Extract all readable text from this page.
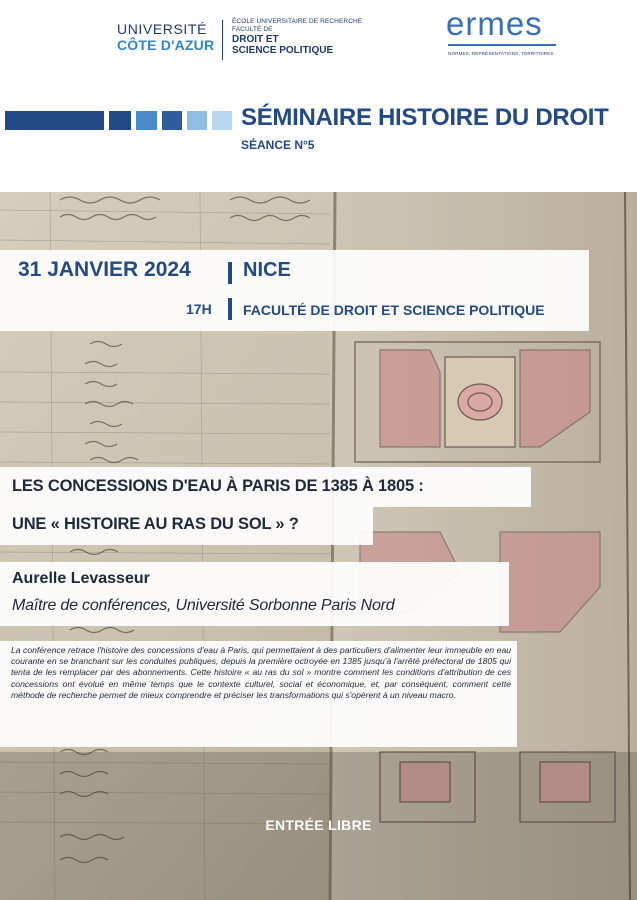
UNIVERSITÉ
CÔTE D'AZUR
ÉCOLE UNIVERSITAIRE DE RECHERCHE
FACULTÉ DE
DROIT ET
SCIENCE POLITIQUE
ermes
NORMES, REPRÉSENTATIONS, TERRITOIRES
SÉMINAIRE HISTOIRE DU DROIT
SÉANCE N°5
31 JANVIER 2024
17H
NICE
FACULTÉ DE DROIT ET SCIENCE POLITIQUE
LES CONCESSIONS D'EAU À PARIS DE 1385 À 1805 :
UNE « HISTOIRE AU RAS DU SOL » ?
Aurelle Levasseur
Maître de conférences, Université Sorbonne Paris Nord
La conférence retrace l'histoire des concessions d'eau à Paris, qui permettaient à des particuliers d'alimenter leur immeuble en eau courante en se branchant sur les conduites publiques, depuis la première octroyée en 1385 jusqu'à l'arrêté préfectoral de 1805 qui tenta de les remplacer par des abonnements. Cette histoire « au ras du sol » montre comment les conditions d'attribution de ces concessions ont évolué en même temps que le contexte culturel, social et économique, et, par conséquent, comment cette méthode de recherche permet de mieux comprendre et préciser les transformations qui s'opèrent à un niveau macro.
ENTRÉE LIBRE
